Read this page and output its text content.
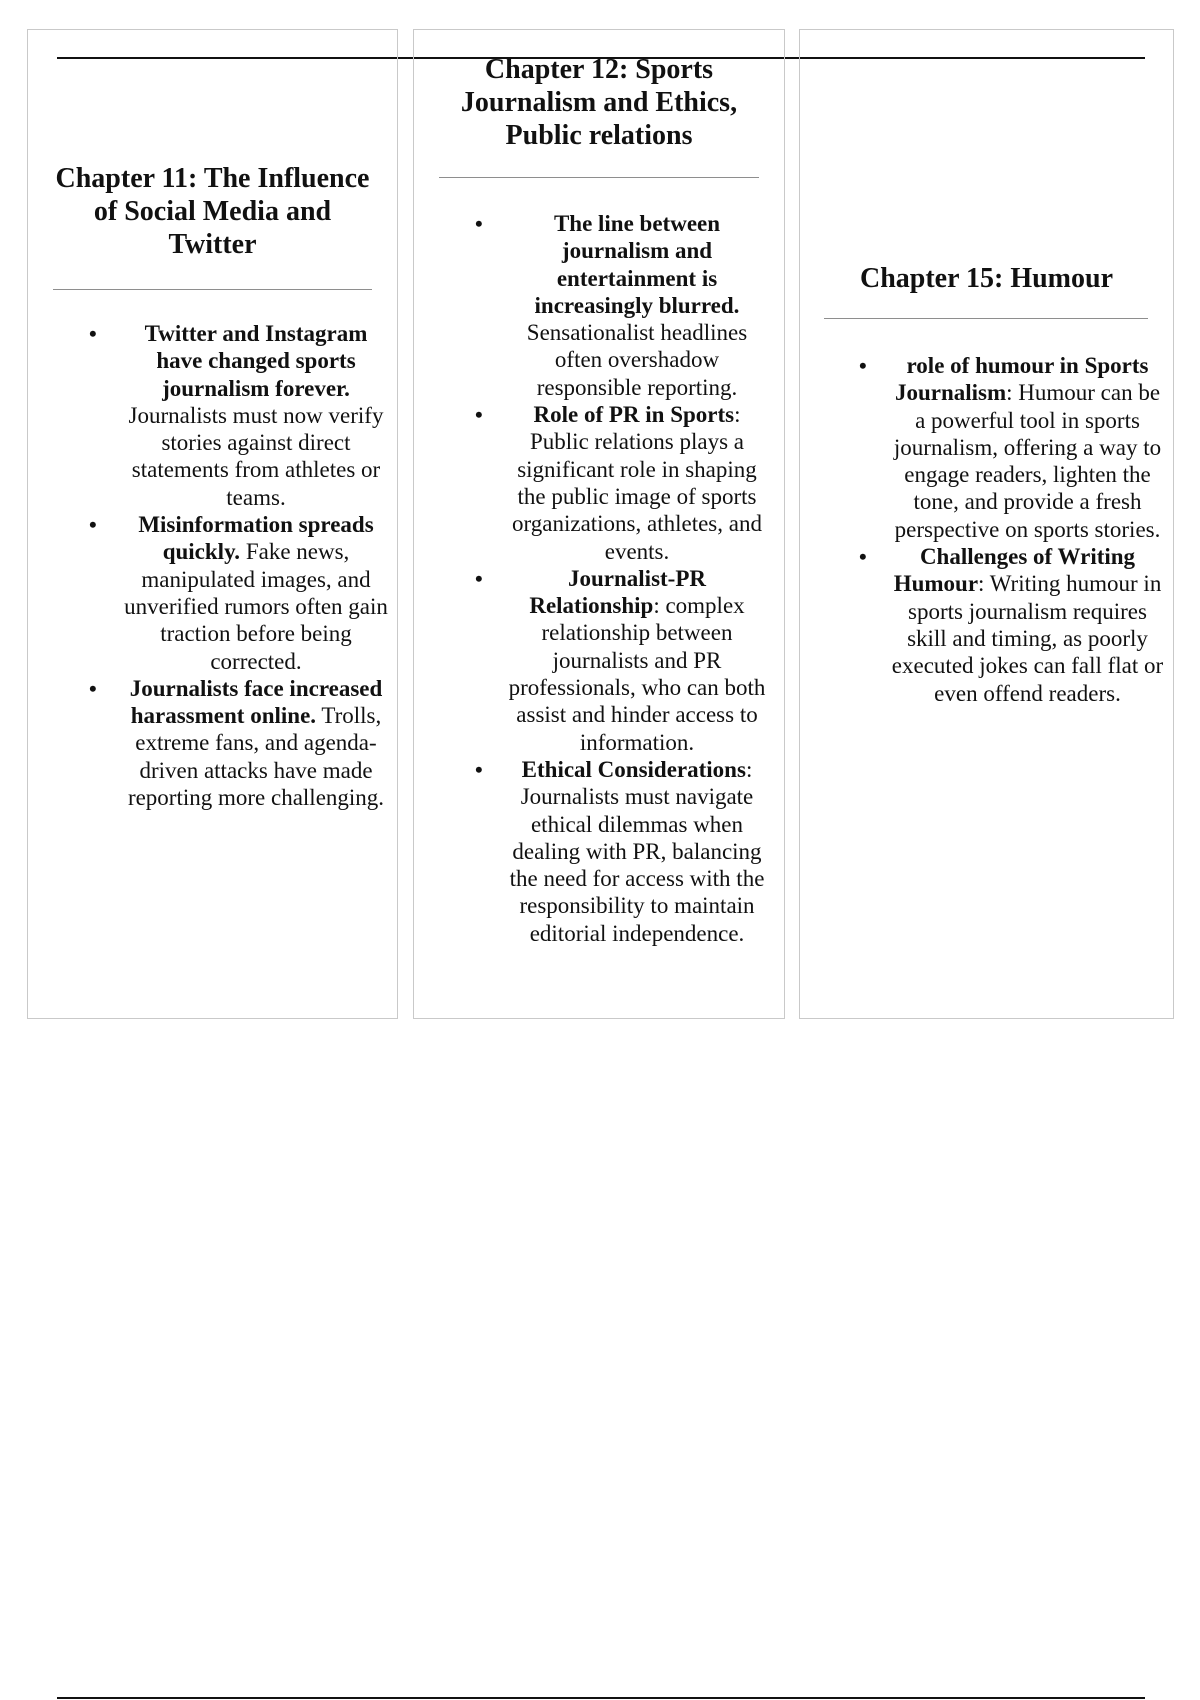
Chapter 11: The Influence of Social Media and Twitter
• Twitter and Instagram have changed sports journalism forever. Journalists must now verify stories against direct statements from athletes or teams.
• Misinformation spreads quickly. Fake news, manipulated images, and unverified rumors often gain traction before being corrected.
• Journalists face increased harassment online. Trolls, extreme fans, and agenda-driven attacks have made reporting more challenging.
Chapter 12: Sports Journalism and Ethics, Public relations
•	The line between journalism and entertainment is increasingly blurred. Sensationalist headlines often overshadow responsible reporting.
• Role of PR in Sports: Public relations plays a significant role in shaping the public image of sports organizations, athletes, and events.
•	Journalist-PR Relationship: complex relationship between journalists and PR professionals, who can both assist and hinder access to information.
• Ethical Considerations: Journalists must navigate ethical dilemmas when dealing with PR, balancing the need for access with the responsibility to maintain editorial independence.
Chapter 15: Humour
• role of humour in Sports Journalism: Humour can be a powerful tool in sports journalism, offering a way to engage readers, lighten the tone, and provide a fresh perspective on sports stories.
• Challenges of Writing Humour: Writing humour in sports journalism requires skill and timing, as poorly executed jokes can fall flat or even offend readers.
